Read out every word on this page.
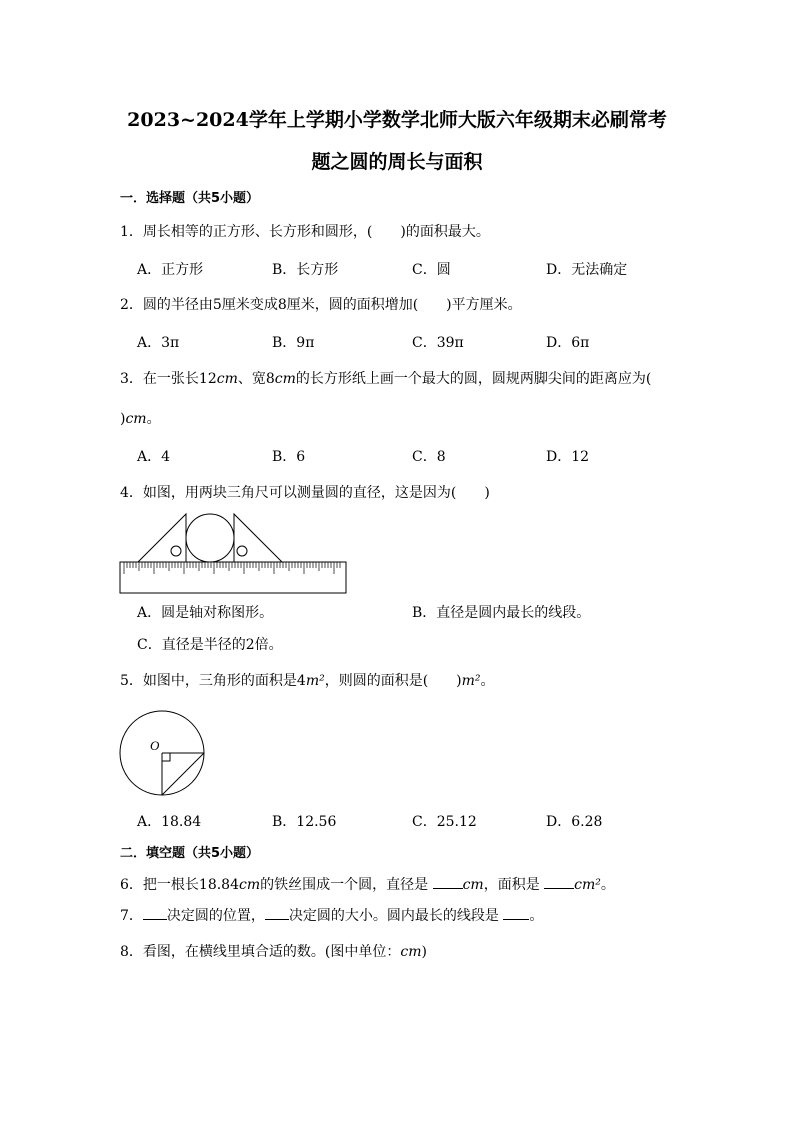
2023~2024学年上学期小学数学北师大版六年级期末必刷常考
题之圆的周长与面积
一．选择题（共5小题）
1．周长相等的正方形、长方形和圆形，(　　)的面积最大。
A．正方形	B．长方形	C．圆	D．无法确定
2．圆的半径由5厘米变成8厘米，圆的面积增加(　　)平方厘米。
A．3π	B．9π	C．39π	D．6π
3．在一张长12cm、宽8cm的长方形纸上画一个最大的圆，圆规两脚尖间的距离应为(
)cm。
A．4	B．6	C．8	D．12
4．如图，用两块三角尺可以测量圆的直径，这是因为(　　)
A．圆是轴对称图形。	B．直径是圆内最长的线段。
C．直径是半径的2倍。
5．如图中，三角形的面积是4m²，则圆的面积是(　　)m²。
O
A．18.84	B．12.56	C．25.12	D．6.28
二．填空题（共5小题）
6．把一根长18.84cm的铁丝围成一个圆，直径是 cm，面积是 cm²。
7． 决定圆的位置， 决定圆的大小。圆内最长的线段是 。
8．看图，在横线里填合适的数。(图中单位：cm)
